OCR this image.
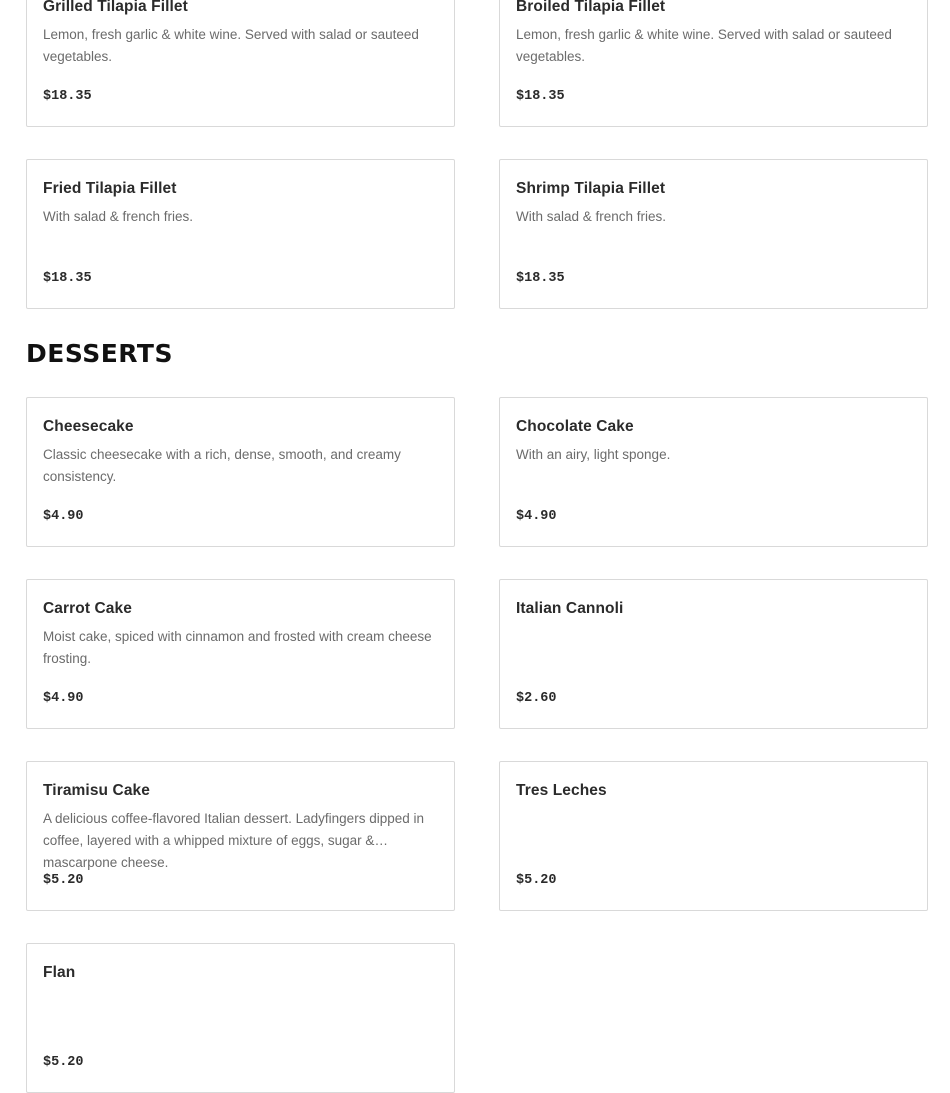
Grilled Tilapia Fillet
Lemon, fresh garlic & white wine. Served with salad or sauteed vegetables.
$18.35
Broiled Tilapia Fillet
Lemon, fresh garlic & white wine. Served with salad or sauteed vegetables.
$18.35
Fried Tilapia Fillet
With salad & french fries.
$18.35
Shrimp Tilapia Fillet
With salad & french fries.
$18.35
DESSERTS
Cheesecake
Classic cheesecake with a rich, dense, smooth, and creamy consistency.
$4.90
Chocolate Cake
With an airy, light sponge.
$4.90
Carrot Cake
Moist cake, spiced with cinnamon and frosted with cream cheese frosting.
$4.90
Italian Cannoli
$2.60
Tiramisu Cake
A delicious coffee-flavored Italian dessert. Ladyfingers dipped in coffee, layered with a whipped mixture of eggs, sugar & mascarpone cheese.
$5.20
Tres Leches
$5.20
Flan
$5.20
